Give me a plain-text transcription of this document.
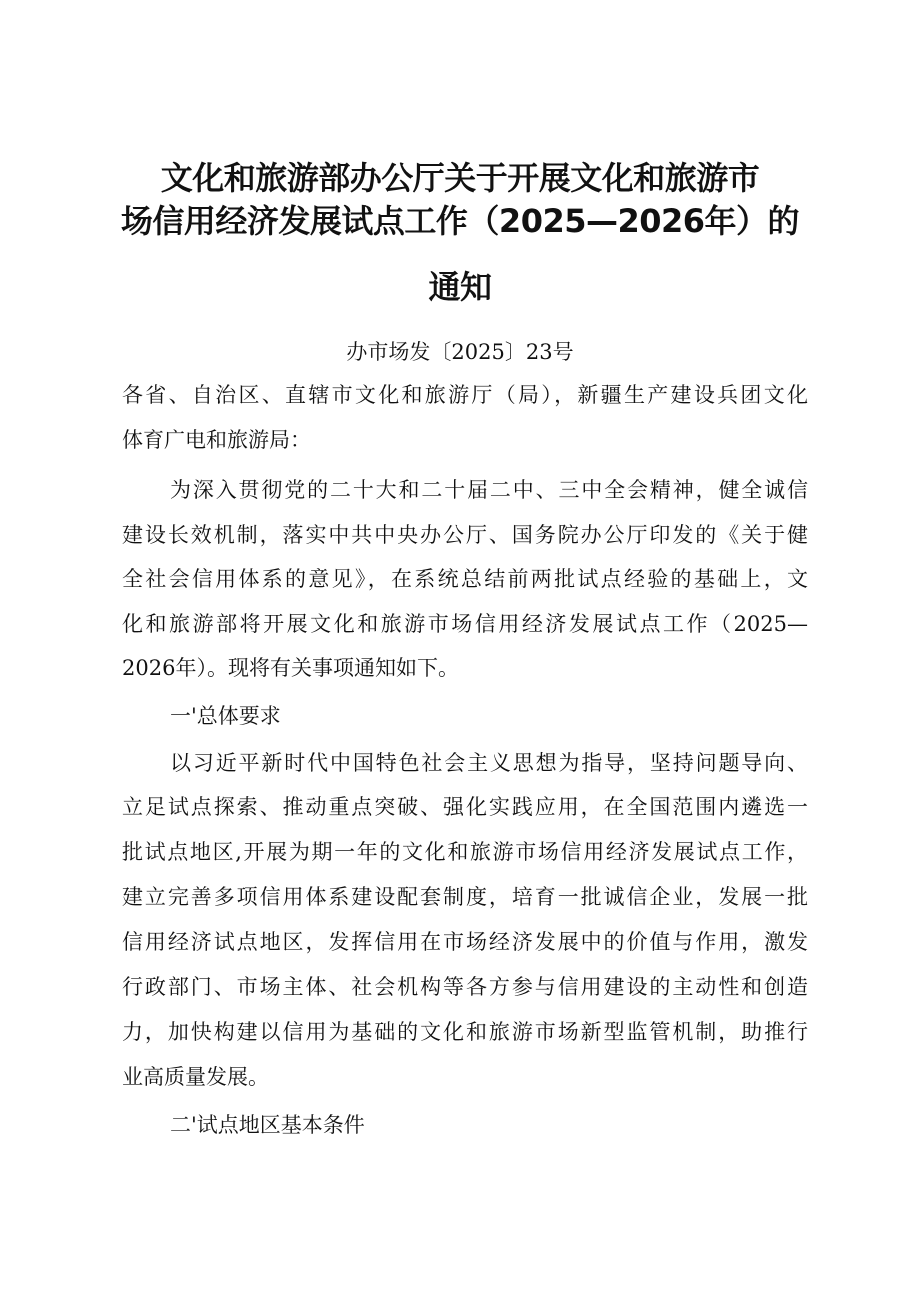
文化和旅游部办公厅关于开展文化和旅游市
场信用经济发展试点工作（2025—2026年）的
通知
办市场发〔2025〕23号
各省、自治区、直辖市文化和旅游厅（局），新疆生产建设兵团文化
体育广电和旅游局：
为深入贯彻党的二十大和二十届二中、三中全会精神，健全诚信
建设长效机制，落实中共中央办公厅、国务院办公厅印发的《关于健
全社会信用体系的意见》，在系统总结前两批试点经验的基础上，文
化和旅游部将开展文化和旅游市场信用经济发展试点工作（2025—
2026年）。现将有关事项通知如下。
一'总体要求
以习近平新时代中国特色社会主义思想为指导，坚持问题导向、
立足试点探索、推动重点突破、强化实践应用，在全国范围内遴选一
批试点地区,开展为期一年的文化和旅游市场信用经济发展试点工作，
建立完善多项信用体系建设配套制度，培育一批诚信企业，发展一批
信用经济试点地区，发挥信用在市场经济发展中的价值与作用，激发
行政部门、市场主体、社会机构等各方参与信用建设的主动性和创造
力，加快构建以信用为基础的文化和旅游市场新型监管机制，助推行
业高质量发展。
二'试点地区基本条件
